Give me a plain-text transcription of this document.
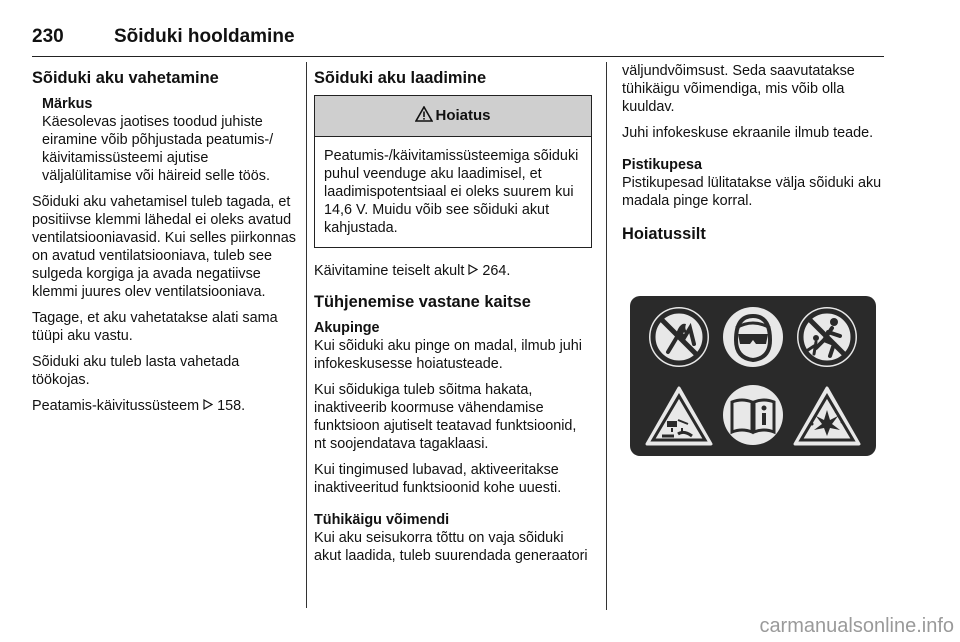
230	Sõiduki hooldamine
Sõiduki aku vahetamine
Märkus
Käesolevas jaotises toodud juhiste eiramine võib põhjustada peatumis-/ käivitamissüsteemi ajutise väljalülitamise või häireid selle töös.

Sõiduki aku vahetamisel tuleb tagada, et positiivse klemmi lähedal ei oleks avatud ventilatsiooniavasid. Kui selles piirkonnas on avatud ventilatsiooniava, tuleb see sulgeda korgiga ja avada negatiivse klemmi juures olev ventilatsiooniava.

Tagage, et aku vahetatakse alati sama tüüpi aku vastu.

Sõiduki aku tuleb lasta vahetada töökojas.

Peatamis-käivitussüsteem 158.

Sõiduki aku laadimine
Hoiatus
Peatumis-/käivitamissüsteemiga sõiduki puhul veenduge aku laadimisel, et laadimispotentsiaal ei oleks suurem kui 14,6 V. Muidu võib see sõiduki akut kahjustada.

Käivitamine teiselt akult 264.

Tühjenemise vastane kaitse
Akupinge

Kui sõiduki aku pinge on madal, ilmub juhi infokeskusesse hoiatusteade.

Kui sõidukiga tuleb sõitma hakata, inaktiveerib koormuse vähendamise funktsioon ajutiselt teatavad funktsioonid, nt soojendatava tagaklaasi.

Kui tingimused lubavad, aktiveeritakse inaktiveeritud funktsioonid kohe uuesti.

Tühikäigu võimendi

Kui aku seisukorra tõttu on vaja sõiduki akut laadida, tuleb suurendada generaatori

väljundvõimsust. Seda saavutatakse tühikäigu võimendiga, mis võib olla kuuldav.

Juhi infokeskuse ekraanile ilmub teade.

Pistikupesa

Pistikupesad lülitatakse välja sõiduki aku madala pinge korral.

Hoiatussilt
carmanualsonline.info
